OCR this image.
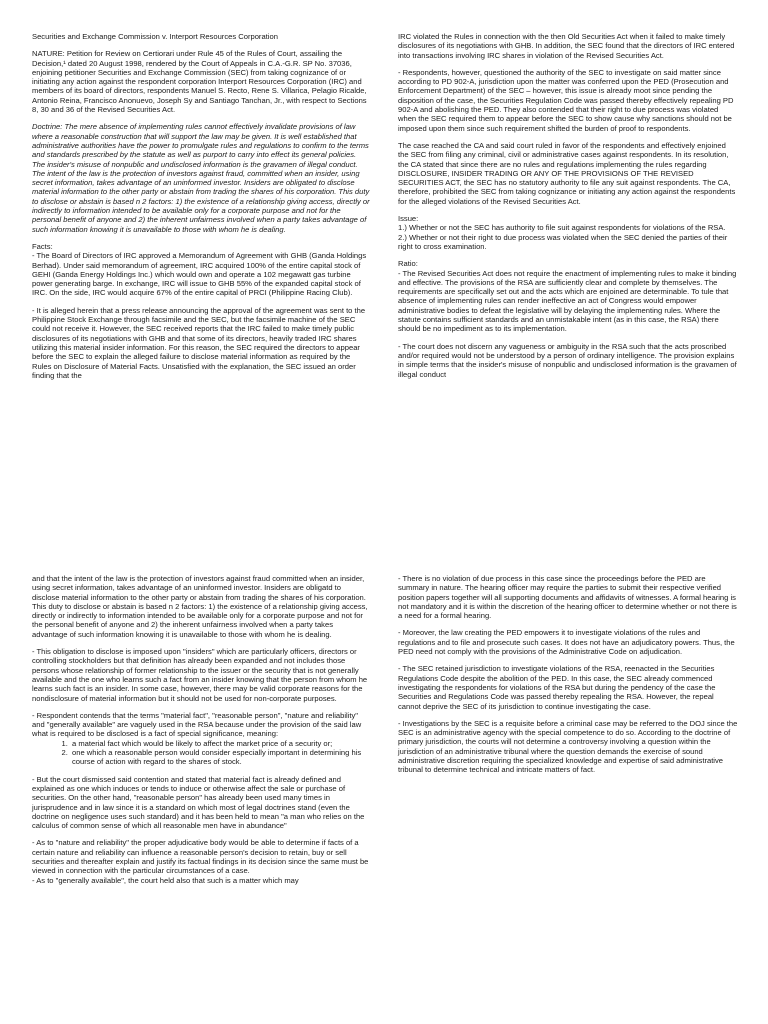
Securities and Exchange Commission v. Interport Resources Corporation

NATURE: Petition for Review on Certiorari under Rule 45 of the Rules of Court, assailing the Decision,¹ dated 20 August 1998, rendered by the Court of Appeals in C.A.-G.R. SP No. 37036, enjoining petitioner Securities and Exchange Commission (SEC) from taking cognizance of or initiating any action against the respondent corporation Interport Resources Corporation (IRC) and members of its board of directors, respondents Manuel S. Recto, Rene S. Villarica, Pelagio Ricalde, Antonio Reina, Francisco Anonuevo, Joseph Sy and Santiago Tanchan, Jr., with respect to Sections 8, 30 and 36 of the Revised Securities Act.

Doctrine: The mere absence of implementing rules cannot effectively invalidate provisions of law where a reasonable construction that will support the law may be given. It is well established that administrative authorities have the power to promulgate rules and regulations to confirm to the terms and standards prescribed by the statute as well as purport to carry into effect its general policies. The insider's misuse of nonpublic and undisclosed information is the gravamen of illegal conduct. The intent of the law is the protection of investors against fraud, committed when an insider, using secret information, takes advantage of an uninformed investor. Insiders are obligated to disclose material information to the other party or abstain from trading the shares of his corporation. This duty to disclose or abstain is based n 2 factors: 1) the existence of a relationship giving access, directly or indirectly to information intended to be available only for a corporate purpose and not for the personal benefit of anyone and 2) the inherent unfairness involved when a party takes advantage of such information knowing it is unavailable to those with whom he is dealing.

Facts:

- The Board of Directors of IRC approved a Memorandum of Agreement with GHB (Ganda Holdings Berhad). Under said memorandum of agreement, IRC acquired 100% of the entire capital stock of GEHI (Ganda Energy Holdings Inc.) which would own and operate a 102 megawatt gas turbine power generating barge. In exchange, IRC will issue to GHB 55% of the expanded capital stock of IRC. On the side, IRC would acquire 67% of the entire capital of PRCI (Philippine Racing Club).

- It is alleged herein that a press release announcing the approval of the agreement was sent to the Philippine Stock Exchange through facsimile and the SEC, but the facsimile machine of the SEC could not receive it. However, the SEC received reports that the IRC failed to make timely public disclosures of its negotiations with GHB and that some of its directors, heavily traded IRC shares utilizing this material insider information. For this reason, the SEC required the directors to appear before the SEC to explain the alleged failure to disclose material information as required by the Rules on Disclosure of Material Facts. Unsatisfied with the explanation, the SEC issued an order finding that the

IRC violated the Rules in connection with the then Old Securities Act when it failed to make timely disclosures of its negotiations with GHB. In addition, the SEC found that the directors of IRC entered into transactions involving IRC shares in violation of the Revised Securities Act.

- Respondents, however, questioned the authority of the SEC to investigate on said matter since according to PD 902-A, jurisdiction upon the matter was conferred upon the PED (Prosecution and Enforcement Department) of the SEC – however, this issue is already moot since pending the disposition of the case, the Securities Regulation Code was passed thereby effectively repealing PD 902-A and abolishing the PED. They also contended that their right to due process was violated when the SEC required them to appear before the SEC to show cause why sanctions should not be imposed upon them since such requirement shifted the burden of proof to respondents.

The case reached the CA and said court ruled in favor of the respondents and effectively enjoined the SEC from filing any criminal, civil or administrative cases against respondents. In its resolution, the CA stated that since there are no rules and regulations implementing the rules regarding DISCLOSURE, INSIDER TRADING OR ANY OF THE PROVISIONS OF THE REVISED SECURITIES ACT, the SEC has no statutory authority to file any suit against respondents. The CA, therefore, prohibited the SEC from taking cognizance or initiating any action against the respondents for the alleged violations of the Revised Securities Act.

Issue:

1.) Whether or not the SEC has authority to file suit against respondents for violations of the RSA.

2.) Whether or not their right to due process was violated when the SEC denied the parties of their right to cross examination.

Ratio:

- The Revised Securities Act does not require the enactment of implementing rules to make it binding and effective. The provisions of the RSA are sufficiently clear and complete by themselves. The requirements are specifically set out and the acts which are enjoined are determinable. To tule that absence of implementing rules can render ineffective an act of Congress would empower administrative bodies to defeat the legislative will by delaying the implementing rules. Where the statute contains sufficient standards and an unmistakable intent (as in this case, the RSA) there should be no impediment as to its implementation.

- The court does not discern any vagueness or ambiguity in the RSA such that the acts proscribed and/or required would not be understood by a person of ordinary intelligence. The provision explains in simple terms that the insider's misuse of nonpublic and undisclosed information is the gravamen of illegal conduct

and that the intent of the law is the protection of investors against fraud committed when an insider, using secret information, takes advantage of an uninformed investor. Insiders are obligatd to disclose material information to the other party or abstain from trading the shares of his corporation. This duty to disclose or abstain is based n 2 factors: 1) the existence of a relationship giving access, directly or indirectly to information intended to be available only for a corporate purpose and not for the personal benefit of anyone and 2) the inherent unfairness involved when a party takes advantage of such information knowing it is unavailable to those with whom he is dealing.

- This obligation to disclose is imposed upon "insiders" which are particularly officers, directors or controlling stockholders but that definition has already been expanded and not includes those persons whose relationship of former relationship to the issuer or the security that is not generally available and the one who learns such a fact from an insider knowing that the person from whom he learns such fact is an insider. In some case, however, there may be valid corporate reasons for the nondisclosure of material information but it should not be used for non-corporate purposes.

- Respondent contends that the terms "material fact", "reasonable person", "nature and reliability" and "generally available" are vaguely used in the RSA because under the provision of the said law what is required to be disclosed is a fact of special significance, meaning:

1. a material fact which would be likely to affect the market price of a security or;
2. one which a reasonable person would consider especially important in determining his course of action with regard to the shares of stock.

- But the court dismissed said contention and stated that material fact is already defined and explained as one which induces or tends to induce or otherwise affect the sale or purchase of securities. On the other hand, "reasonable person" has already been used many times in jurisprudence and in law since it is a standard on which most of legal doctrines stand (even the doctrine on negligence uses such standard) and it has been held to mean "a man who relies on the calculus of common sense of which all reasonable men have in abundance"

- As to "nature and reliability" the proper adjudicative body would be able to determine if facts of a certain nature and reliability can influence a reasonable person's decision to retain, buy or sell securities and thereafter explain and justify its factual findings in its decision since the same must be viewed in connection with the particular circumstances of a case.

- As to "generally available", the court held also that such is a matter which may

- There is no violation of due process in this case since the proceedings before the PED are summary in nature. The hearing officer may require the parties to submit their respective verified position papers together will all supporting documents and affidavits of witnesses. A formal hearing is not mandatory and it is within the discretion of the hearing officer to determine whether or not there is a need for a formal hearing.

- Moreover, the law creating the PED empowers it to investigate violations of the rules and regulations and to file and prosecute such cases. It does not have an adjudicatory powers. Thus, the PED need not comply with the provisions of the Administrative Code on adjudication.

- The SEC retained jurisdiction to investigate violations of the RSA, reenacted in the Securities Regulations Code despite the abolition of the PED. In this case, the SEC already commenced investigating the respondents for violations of the RSA but during the pendency of the case the Securities and Regulations Code was passed thereby repealing the RSA. However, the repeal cannot deprive the SEC of its jurisdiction to continue investigating the case.

- Investigations by the SEC is a requisite before a criminal case may be referred to the DOJ since the SEC is an administrative agency with the special competence to do so. According to the doctrine of primary jurisdiction, the courts will not determine a controversy involving a question within the jurisdiction of an administrative tribunal where the question demands the exercise of sound administrative discretion requiring the specialized knowledge and expertise of said administrative tribunal to determine technical and intricate matters of fact.
